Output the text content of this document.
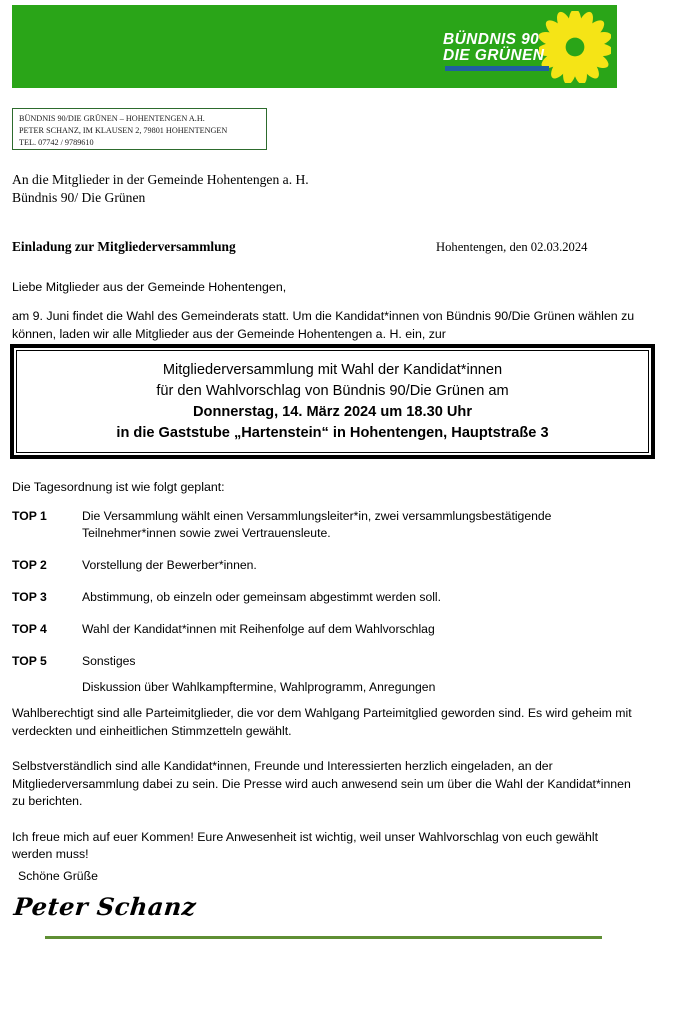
BÜNDNIS 90
DIE GRÜNEN
BÜNDNIS 90/DIE GRÜNEN – HOHENTENGEN A.H.
PETER SCHANZ, IM KLAUSEN 2, 79801 HOHENTENGEN
TEL. 07742 / 9789610
An die Mitglieder in der Gemeinde Hohentengen a. H.
Bündnis 90/ Die Grünen
Einladung zur Mitgliederversammlung	Hohentengen, den 02.03.2024
Liebe Mitglieder aus der Gemeinde Hohentengen,
am 9. Juni findet die Wahl des Gemeinderats statt. Um die Kandidat*innen von Bündnis 90/Die Grünen wählen zu können, laden wir alle Mitglieder aus der Gemeinde Hohentengen a. H. ein, zur
Mitgliederversammlung mit Wahl der Kandidat*innen
für den Wahlvorschlag von Bündnis 90/Die Grünen am
Donnerstag, 14. März 2024 um 18.30 Uhr
in die Gaststube „Hartenstein“ in Hohentengen, Hauptstraße 3
Die Tagesordnung ist wie folgt geplant:
TOP 1	Die Versammlung wählt einen Versammlungsleiter*in, zwei versammlungsbestätigende Teilnehmer*innen sowie zwei Vertrauensleute.
TOP 2	Vorstellung der Bewerber*innen.
TOP 3	Abstimmung, ob einzeln oder gemeinsam abgestimmt werden soll.
TOP 4	Wahl der Kandidat*innen mit Reihenfolge auf dem Wahlvorschlag
TOP 5	Sonstiges
Diskussion über Wahlkampftermine, Wahlprogramm, Anregungen

Wahlberechtigt sind alle Parteimitglieder, die vor dem Wahlgang Parteimitglied geworden sind. Es wird geheim mit verdeckten und einheitlichen Stimmzetteln gewählt.

Selbstverständlich sind alle Kandidat*innen, Freunde und Interessierten herzlich eingeladen, an der Mitgliederversammlung dabei zu sein. Die Presse wird auch anwesend sein um über die Wahl der Kandidat*innen zu berichten.

Ich freue mich auf euer Kommen! Eure Anwesenheit ist wichtig, weil unser Wahlvorschlag von euch gewählt werden muss!

Schöne Grüße
Peter Schanz
